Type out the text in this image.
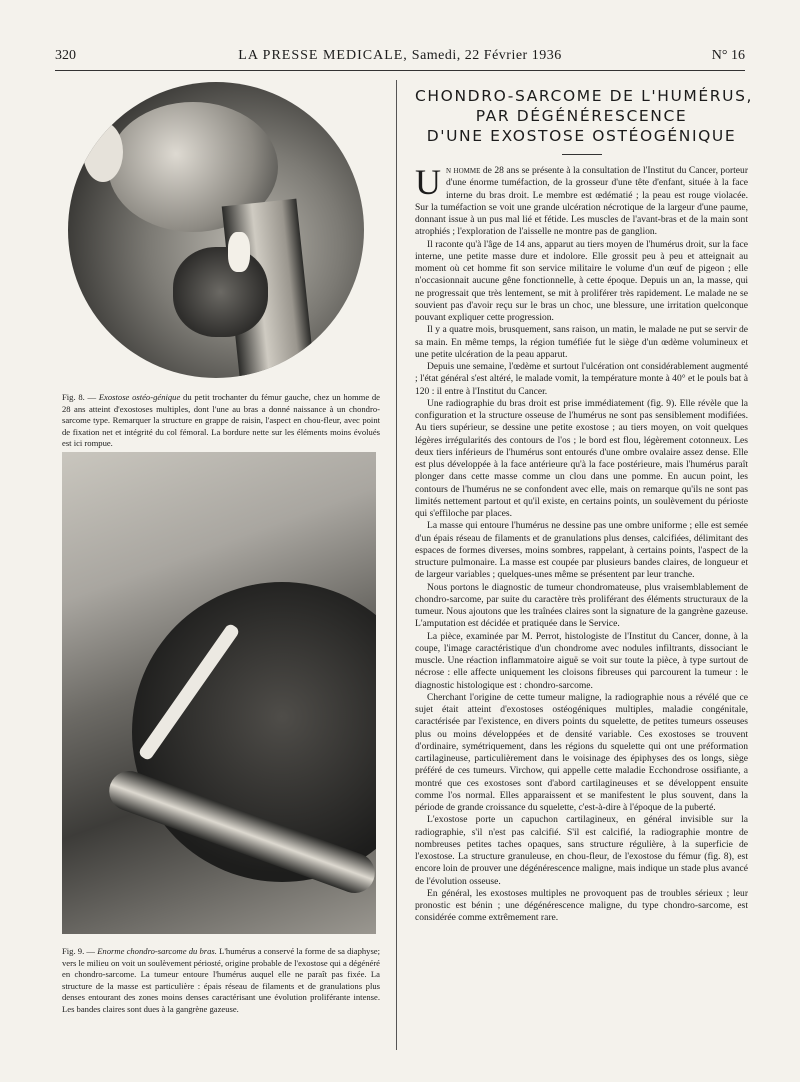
320	LA PRESSE MEDICALE, Samedi, 22 Février 1936	N° 16
Fig. 8. — Exostose ostéo-génique du petit trochanter du fémur gauche, chez un homme de 28 ans atteint d'exostoses multiples, dont l'une au bras a donné naissance à un chondro-sarcome type. Remarquer la structure en grappe de raisin, l'aspect en chou-fleur, avec point de fixation net et intégrité du col fémoral. La bordure nette sur les éléments moins évolués est ici rompue.
Fig. 9. — Enorme chondro-sarcome du bras. L'humérus a conservé la forme de sa diaphyse; vers le milieu on voit un soulèvement périosté, origine probable de l'exostose qui a dégénéré en chondro-sarcome. La tumeur entoure l'humérus auquel elle ne paraît pas fixée. La structure de la masse est particulière : épais réseau de filaments et de granulations plus denses entourant des zones moins denses caractérisant une évolution proliférante intense. Les bandes claires sont dues à la gangrène gazeuse.
CHONDRO-SARCOME DE L'HUMÉRUS,
PAR DÉGÉNÉRESCENCE
D'UNE EXOSTOSE OSTÉOGÉNIQUE

Un homme de 28 ans se présente à la consultation de l'Institut du Cancer, porteur d'une énorme tuméfaction, de la grosseur d'une tête d'enfant, située à la face interne du bras droit. Le membre est œdématié ; la peau est rouge violacée. Sur la tuméfaction se voit une grande ulcération nécrotique de la largeur d'une paume, donnant issue à un pus mal lié et fétide. Les muscles de l'avant-bras et de la main sont atrophiés ; l'exploration de l'aisselle ne montre pas de ganglion.

Il raconte qu'à l'âge de 14 ans, apparut au tiers moyen de l'humérus droit, sur la face interne, une petite masse dure et indolore. Elle grossit peu à peu et atteignait au moment où cet homme fit son service militaire le volume d'un œuf de pigeon ; elle n'occasionnait aucune gêne fonctionnelle, à cette époque. Depuis un an, la masse, qui ne progressait que très lentement, se mit à proliférer très rapidement. Le malade ne se souvient pas d'avoir reçu sur le bras un choc, une blessure, une irritation quelconque pouvant expliquer cette progression.

Il y a quatre mois, brusquement, sans raison, un matin, le malade ne put se servir de sa main. En même temps, la région tuméfiée fut le siège d'un œdème volumineux et une petite ulcération de la peau apparut.

Depuis une semaine, l'œdème et surtout l'ulcération ont considérablement augmenté ; l'état général s'est altéré, le malade vomit, la température monte à 40° et le pouls bat à 120 : il entre à l'Institut du Cancer.

Une radiographie du bras droit est prise immédiatement (fig. 9). Elle révèle que la configuration et la structure osseuse de l'humérus ne sont pas sensiblement modifiées. Au tiers supérieur, se dessine une petite exostose ; au tiers moyen, on voit quelques légères irrégularités des contours de l'os ; le bord est flou, légèrement cotonneux. Les deux tiers inférieurs de l'humérus sont entourés d'une ombre ovalaire assez dense. Elle est plus développée à la face antérieure qu'à la face postérieure, mais l'humérus paraît plonger dans cette masse comme un clou dans une pomme. En aucun point, les contours de l'humérus ne se confondent avec elle, mais on remarque qu'ils ne sont pas limités nettement partout et qu'il existe, en certains points, un soulèvement du périoste qui s'effiloche par places.

La masse qui entoure l'humérus ne dessine pas une ombre uniforme ; elle est semée d'un épais réseau de filaments et de granulations plus denses, calcifiées, délimitant des espaces de formes diverses, moins sombres, rappelant, à certains points, l'aspect de la structure pulmonaire. La masse est coupée par plusieurs bandes claires, de longueur et de largeur variables ; quelques-unes même se présentent par leur tranche.

Nous portons le diagnostic de tumeur chondromateuse, plus vraisemblablement de chondro-sarcome, par suite du caractère très proliférant des éléments structuraux de la tumeur. Nous ajoutons que les traînées claires sont la signature de la gangrène gazeuse. L'amputation est décidée et pratiquée dans le Service.

La pièce, examinée par M. Perrot, histologiste de l'Institut du Cancer, donne, à la coupe, l'image caractéristique d'un chondrome avec nodules infiltrants, dissociant le muscle. Une réaction inflammatoire aiguë se voit sur toute la pièce, à type surtout de nécrose : elle affecte uniquement les cloisons fibreuses qui parcourent la tumeur : le diagnostic histologique est : chondro-sarcome.

Cherchant l'origine de cette tumeur maligne, la radiographie nous a révélé que ce sujet était atteint d'exostoses ostéogéniques multiples, maladie congénitale, caractérisée par l'existence, en divers points du squelette, de petites tumeurs osseuses plus ou moins développées et de densité variable. Ces exostoses se trouvent d'ordinaire, symétriquement, dans les régions du squelette qui ont une préformation cartilagineuse, particulièrement dans le voisinage des épiphyses des os longs, siège préféré de ces tumeurs. Virchow, qui appelle cette maladie Ecchondrose ossifiante, a montré que ces exostoses sont d'abord cartilagineuses et se développent ensuite comme l'os normal. Elles apparaissent et se manifestent le plus souvent, dans la période de grande croissance du squelette, c'est-à-dire à l'époque de la puberté.

L'exostose porte un capuchon cartilagineux, en général invisible sur la radiographie, s'il n'est pas calcifié. S'il est calcifié, la radiographie montre de nombreuses petites taches opaques, sans structure régulière, à la superficie de l'exostose. La structure granuleuse, en chou-fleur, de l'exostose du fémur (fig. 8), est encore loin de prouver une dégénérescence maligne, mais indique un stade plus avancé de l'évolution osseuse.

En général, les exostoses multiples ne provoquent pas de troubles sérieux ; leur pronostic est bénin ; une dégénérescence maligne, du type chondro-sarcome, est considérée comme extrêmement rare.
